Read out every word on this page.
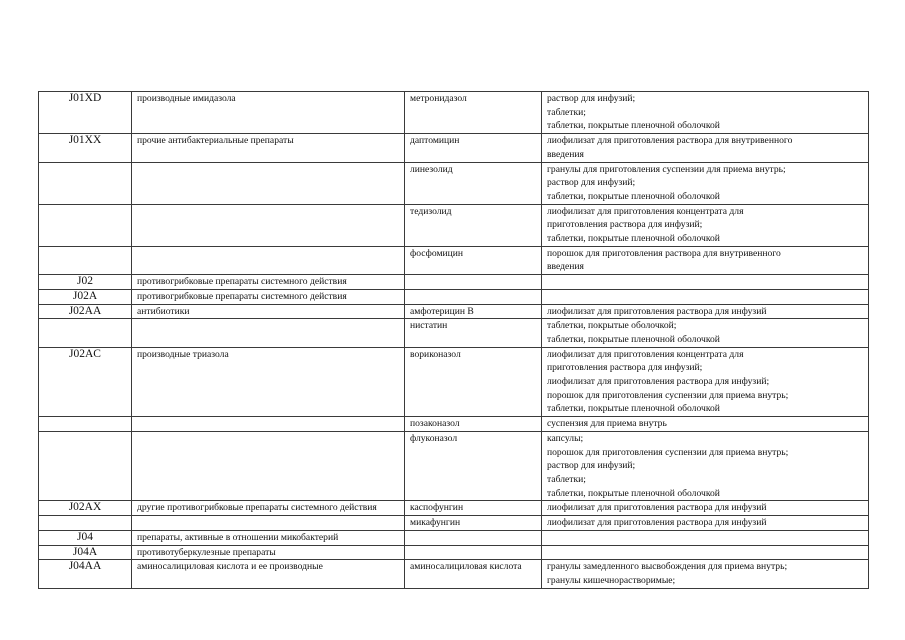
J01XD	производные имидазола	метронидазол	раствор для инфузий;
таблетки;
таблетки, покрытые пленочной оболочкой

J01XX	прочие антибактериальные препараты	даптомицин	лиофилизат для приготовления раствора для внутривенного
введения

		линезолид	гранулы для приготовления суспензии для приема внутрь;
раствор для инфузий;
таблетки, покрытые пленочной оболочкой

		тедизолид	лиофилизат для приготовления концентрата для
приготовления раствора для инфузий;
таблетки, покрытые пленочной оболочкой

		фосфомицин	порошок для приготовления раствора для внутривенного
введения

J02	противогрибковые препараты системного действия		
J02A	противогрибковые препараты системного действия		
J02AA	антибиотики	амфотерицин В	лиофилизат для приготовления раствора для инфузий

		нистатин	таблетки, покрытые оболочкой;
таблетки, покрытые пленочной оболочкой

J02AC	производные триазола	вориконазол	лиофилизат для приготовления концентрата для
приготовления раствора для инфузий;
лиофилизат для приготовления раствора для инфузий;
порошок для приготовления суспензии для приема внутрь;
таблетки, покрытые пленочной оболочкой

		позаконазол	суспензия для приема внутрь

		флуконазол	капсулы;
порошок для приготовления суспензии для приема внутрь;
раствор для инфузий;
таблетки;
таблетки, покрытые пленочной оболочкой

J02AX	другие противогрибковые препараты системного действия	каспофунгин	лиофилизат для приготовления раствора для инфузий

		микафунгин	лиофилизат для приготовления раствора для инфузий

J04	препараты, активные в отношении микобактерий		
J04A	противотуберкулезные препараты		
J04AA	аминосалициловая кислота и ее производные	аминосалициловая кислота	гранулы замедленного высвобождения для приема внутрь;
гранулы кишечнорастворимые;
